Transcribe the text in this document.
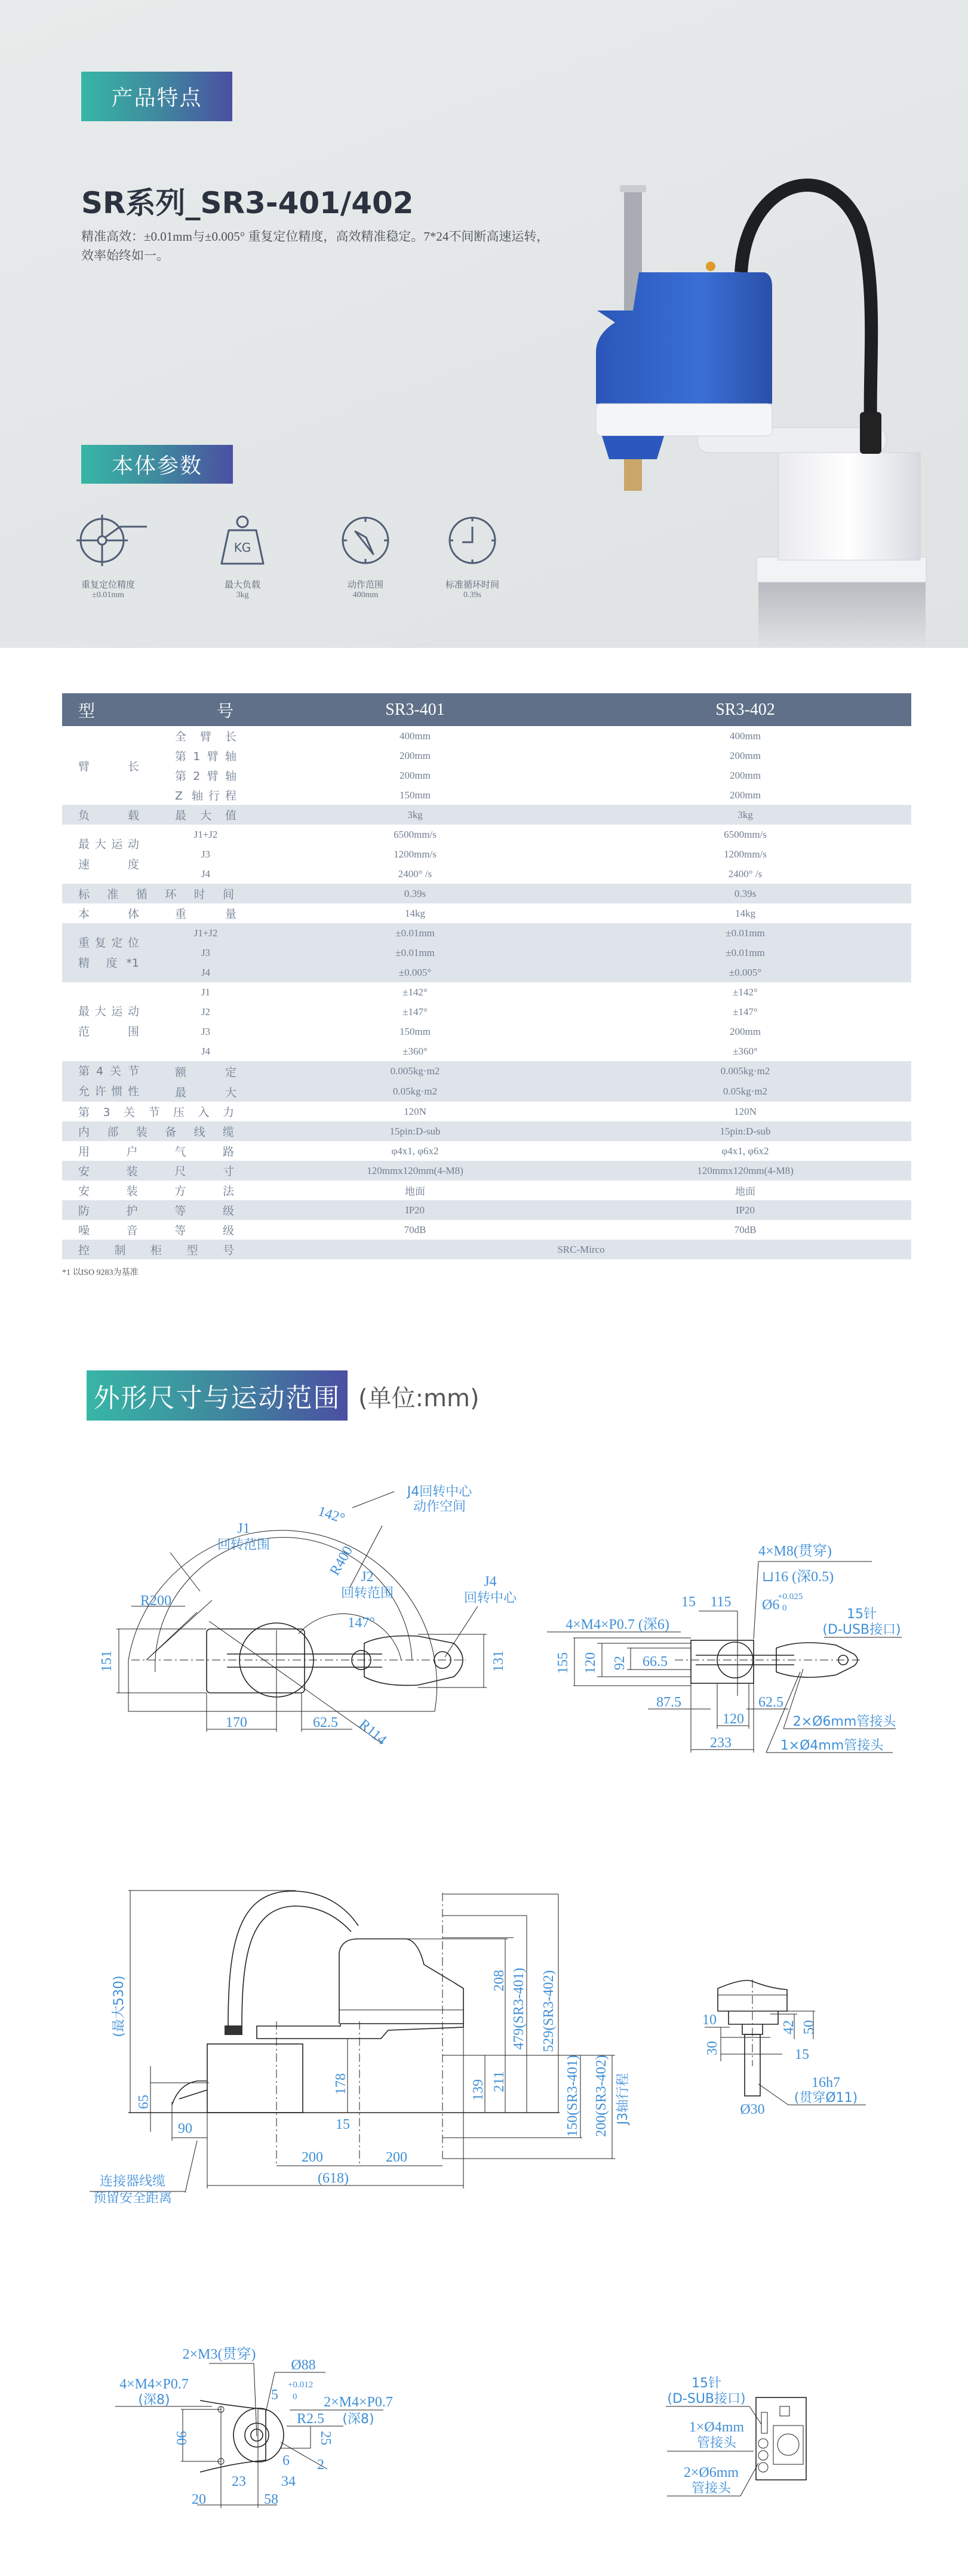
产品特点
SR系列_SR3-401/402
精准高效：±0.01mm与±0.005° 重复定位精度，高效精准稳定。7*24不间断高速运转，效率始终如一。
本体参数
重复定位精度
±0.01mm
KG
最大负载
3kg
动作范围
400mm
标准循环时间
0.39s
型　　　　 号		SR3-401	SR3-402

臂　长	全臂长	400mm	400mm
	第1臂轴	200mm	200mm
	第2臂轴	200mm	200mm
	Z 轴行程	150mm	200mm

负　载	最大值	3kg	3kg

最大运动
速　度	J1+J2	6500mm/s	6500mm/s
	J3	1200mm/s	1200mm/s
	J4	2400° /s	2400° /s
标准循环时间		0.39s	0.39s

本　体	重　量	14kg	14kg

重复定位
精　度 *1	J1+J2	±0.01mm	±0.01mm
	J3	±0.01mm	±0.01mm
	J4	±0.005°	±0.005°

最大运动
范　围	J1	±142°	±142°
	J2	±147°	±147°
	J3	150mm	200mm
	J4	±360°	±360°

第4关节
允许惯性	额　定	0.005kg·m2	0.005kg·m2
	最　大	0.05kg·m2	0.05kg·m2
第3关节压入力		120N	120N
内部装备线缆		15pin:D-sub	15pin:D-sub
用户气路		φ4x1, φ6x2	φ4x1, φ6x2
安装尺寸		120mmx120mm(4-M8)	120mmx120mm(4-M8)
安装方法		地面	地面
防护等级		IP20	IP20
噪音等级		70dB	70dB
控制柜型号		SRC-Mirco	
*1 以ISO 9283为基准
外形尺寸与运动范围 (单位:mm)
J4回转中心
动作空间
142°
J1
回转范围	R400 J2
回转范围
J4
回转中心
R200
147°
151	131
170	62.5 R114
4×M8(贯穿)
⊔16 (深0.5)
Ø6
+0.025
0
15 115
15针
(D-USB接口)
4×M4×P0.7 (深6)
155 120 92 66.5
87.5	62.5
2×Ø6mm管接头
120
1×Ø4mm管接头
233
(最大530)
65
90	15
178
200	200
(618)
连接器线缆
预留安全距离
208 479(SR3-401) 529(SR3-402)
139 211	150(SR3-401) 200(SR3-402) J3轴行程
10
30
42 50
15
16h7
(贯穿Ø11)
Ø30
2×M3(贯穿)
Ø88
4×M4×P0.7
(深8)	5
+0.012
0 2×M4×P0.7
(深8)
R2.5
25
90
6 2
23 34
20	58
15针
(D-SUB接口)
1×Ø4mm
管接头
2×Ø6mm
管接头
